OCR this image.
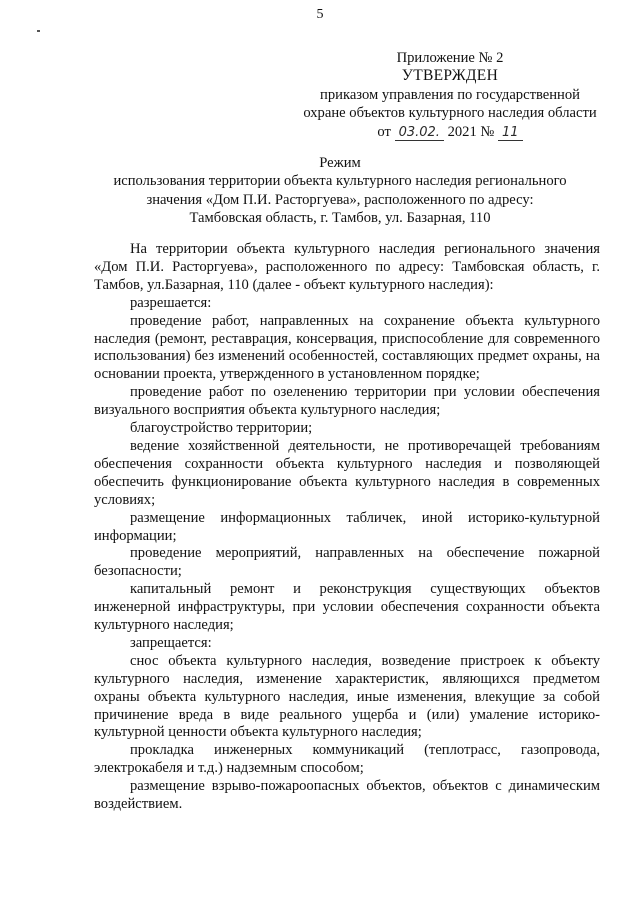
5
Приложение № 2
УТВЕРЖДЕН
приказом управления по государственной
охране объектов культурного наследия области
от 03.02. 2021 № 11
Режим
использования территории объекта культурного наследия регионального
значения «Дом П.И. Расторгуева», расположенного по адресу:
Тамбовская область, г. Тамбов, ул. Базарная, 110

На территории объекта культурного наследия регионального значения «Дом П.И. Расторгуева», расположенного по адресу: Тамбовская область, г. Тамбов, ул.Базарная, 110 (далее - объект культурного наследия):

разрешается:

проведение работ, направленных на сохранение объекта культурного наследия (ремонт, реставрация, консервация, приспособление для современного использования) без изменений особенностей, составляющих предмет охраны, на основании проекта, утвержденного в установленном порядке;

проведение работ по озеленению территории при условии обеспечения визуального восприятия объекта культурного наследия;

благоустройство территории;

ведение хозяйственной деятельности, не противоречащей требованиям обеспечения сохранности объекта культурного наследия и позволяющей обеспечить функционирование объекта культурного наследия в современных условиях;

размещение информационных табличек, иной историко-культурной информации;

проведение мероприятий, направленных на обеспечение пожарной безопасности;

капитальный ремонт и реконструкция существующих объектов инженерной инфраструктуры, при условии обеспечения сохранности объекта культурного наследия;

запрещается:

снос объекта культурного наследия, возведение пристроек к объекту культурного наследия, изменение характеристик, являющихся предметом охраны объекта культурного наследия, иные изменения, влекущие за собой причинение вреда в виде реального ущерба и (или) умаление историко-культурной ценности объекта культурного наследия;

прокладка инженерных коммуникаций (теплотрасс, газопровода, электрокабеля и т.д.) надземным способом;

размещение взрыво-пожароопасных объектов, объектов с динамическим воздействием.
